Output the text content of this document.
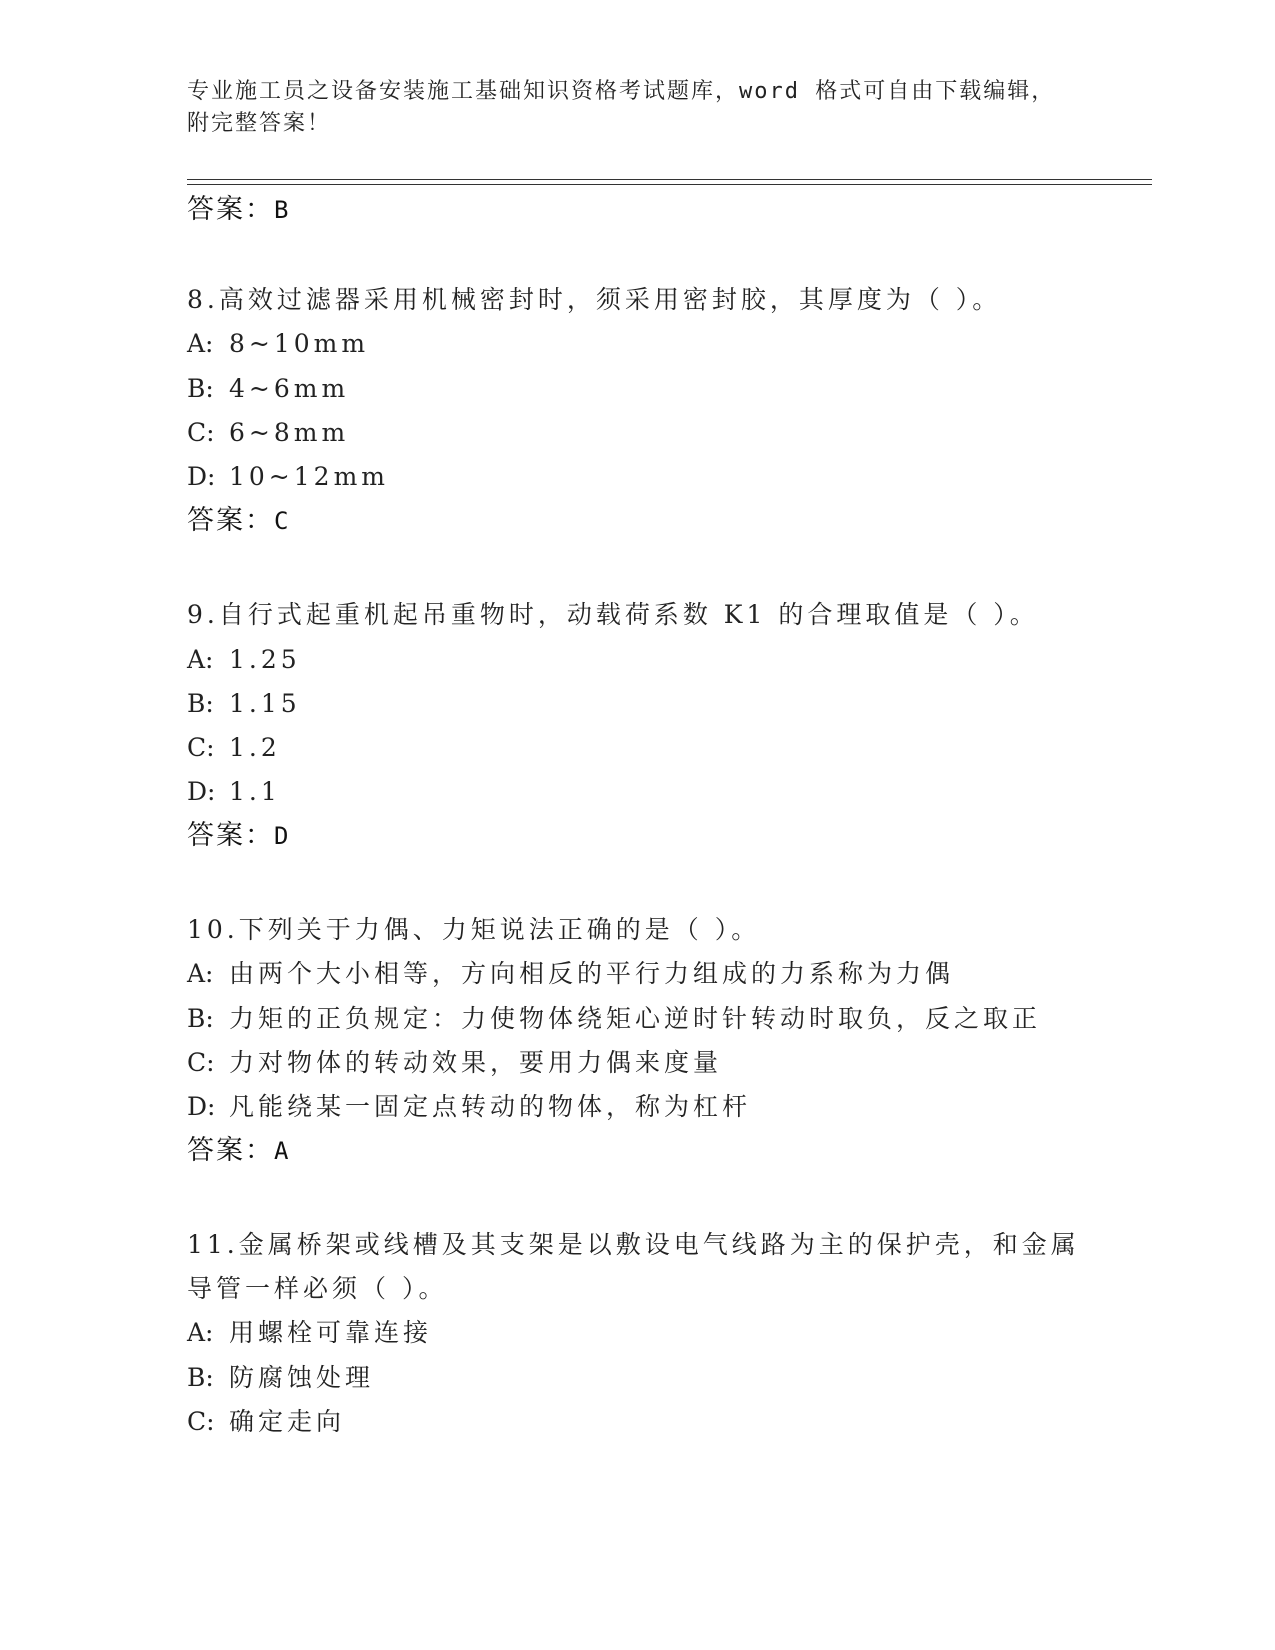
专业施工员之设备安装施工基础知识资格考试题库，word 格式可自由下载编辑，
附完整答案！
答案：B
8.高效过滤器采用机械密封时，须采用密封胶，其厚度为（ ）。
A: 8~10mm
B: 4~6mm
C: 6~8mm
D: 10~12mm
答案：C
9.自行式起重机起吊重物时，动载荷系数 K1 的合理取值是（ ）。
A: 1.25
B: 1.15
C: 1.2
D: 1.1
答案：D
10.下列关于力偶、力矩说法正确的是（ ）。
A: 由两个大小相等，方向相反的平行力组成的力系称为力偶
B: 力矩的正负规定：力使物体绕矩心逆时针转动时取负，反之取正
C: 力对物体的转动效果，要用力偶来度量
D: 凡能绕某一固定点转动的物体，称为杠杆
答案：A
11.金属桥架或线槽及其支架是以敷设电气线路为主的保护壳，和金属
导管一样必须（ ）。
A: 用螺栓可靠连接
B: 防腐蚀处理
C: 确定走向
